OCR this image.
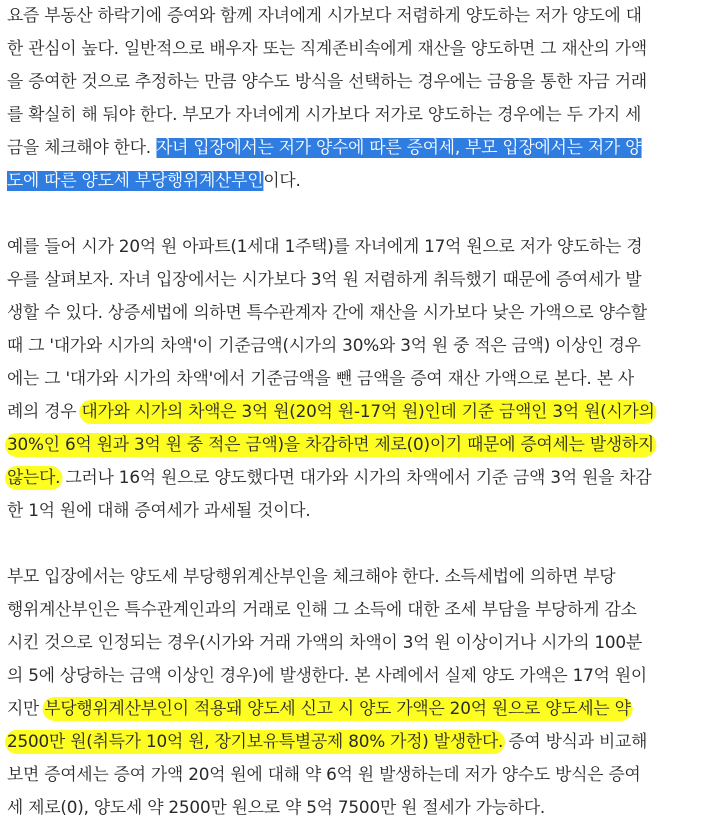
요즘 부동산 하락기에 증여와 함께 자녀에게 시가보다 저렴하게 양도하는 저가 양도에 대
한 관심이 높다. 일반적으로 배우자 또는 직계존비속에게 재산을 양도하면 그 재산의 가액
을 증여한 것으로 추정하는 만큼 양수도 방식을 선택하는 경우에는 금융을 통한 자금 거래
를 확실히 해 둬야 한다. 부모가 자녀에게 시가보다 저가로 양도하는 경우에는 두 가지 세
금을 체크해야 한다. 자녀 입장에서는 저가 양수에 따른 증여세, 부모 입장에서는 저가 양
도에 따른 양도세 부당행위계산부인이다.
예를 들어 시가 20억 원 아파트(1세대 1주택)를 자녀에게 17억 원으로 저가 양도하는 경
우를 살펴보자. 자녀 입장에서는 시가보다 3억 원 저렴하게 취득했기 때문에 증여세가 발
생할 수 있다. 상증세법에 의하면 특수관계자 간에 재산을 시가보다 낮은 가액으로 양수할
때 그 '대가와 시가의 차액'이 기준금액(시가의 30%와 3억 원 중 적은 금액) 이상인 경우
에는 그 '대가와 시가의 차액'에서 기준금액을 뺀 금액을 증여 재산 가액으로 본다. 본 사
례의 경우 대가와 시가의 차액은 3억 원(20억 원-17억 원)인데 기준 금액인 3억 원(시가의
30%인 6억 원과 3억 원 중 적은 금액)을 차감하면 제로(0)이기 때문에 증여세는 발생하지
않는다. 그러나 16억 원으로 양도했다면 대가와 시가의 차액에서 기준 금액 3억 원을 차감
한 1억 원에 대해 증여세가 과세될 것이다.
부모 입장에서는 양도세 부당행위계산부인을 체크해야 한다. 소득세법에 의하면 부당
행위계산부인은 특수관계인과의 거래로 인해 그 소득에 대한 조세 부담을 부당하게 감소
시킨 것으로 인정되는 경우(시가와 거래 가액의 차액이 3억 원 이상이거나 시가의 100분
의 5에 상당하는 금액 이상인 경우)에 발생한다. 본 사례에서 실제 양도 가액은 17억 원이
지만 부당행위계산부인이 적용돼 양도세 신고 시 양도 가액은 20억 원으로 양도세는 약
2500만 원(취득가 10억 원, 장기보유특별공제 80% 가정) 발생한다. 증여 방식과 비교해
보면 증여세는 증여 가액 20억 원에 대해 약 6억 원 발생하는데 저가 양수도 방식은 증여
세 제로(0), 양도세 약 2500만 원으로 약 5억 7500만 원 절세가 가능하다.
